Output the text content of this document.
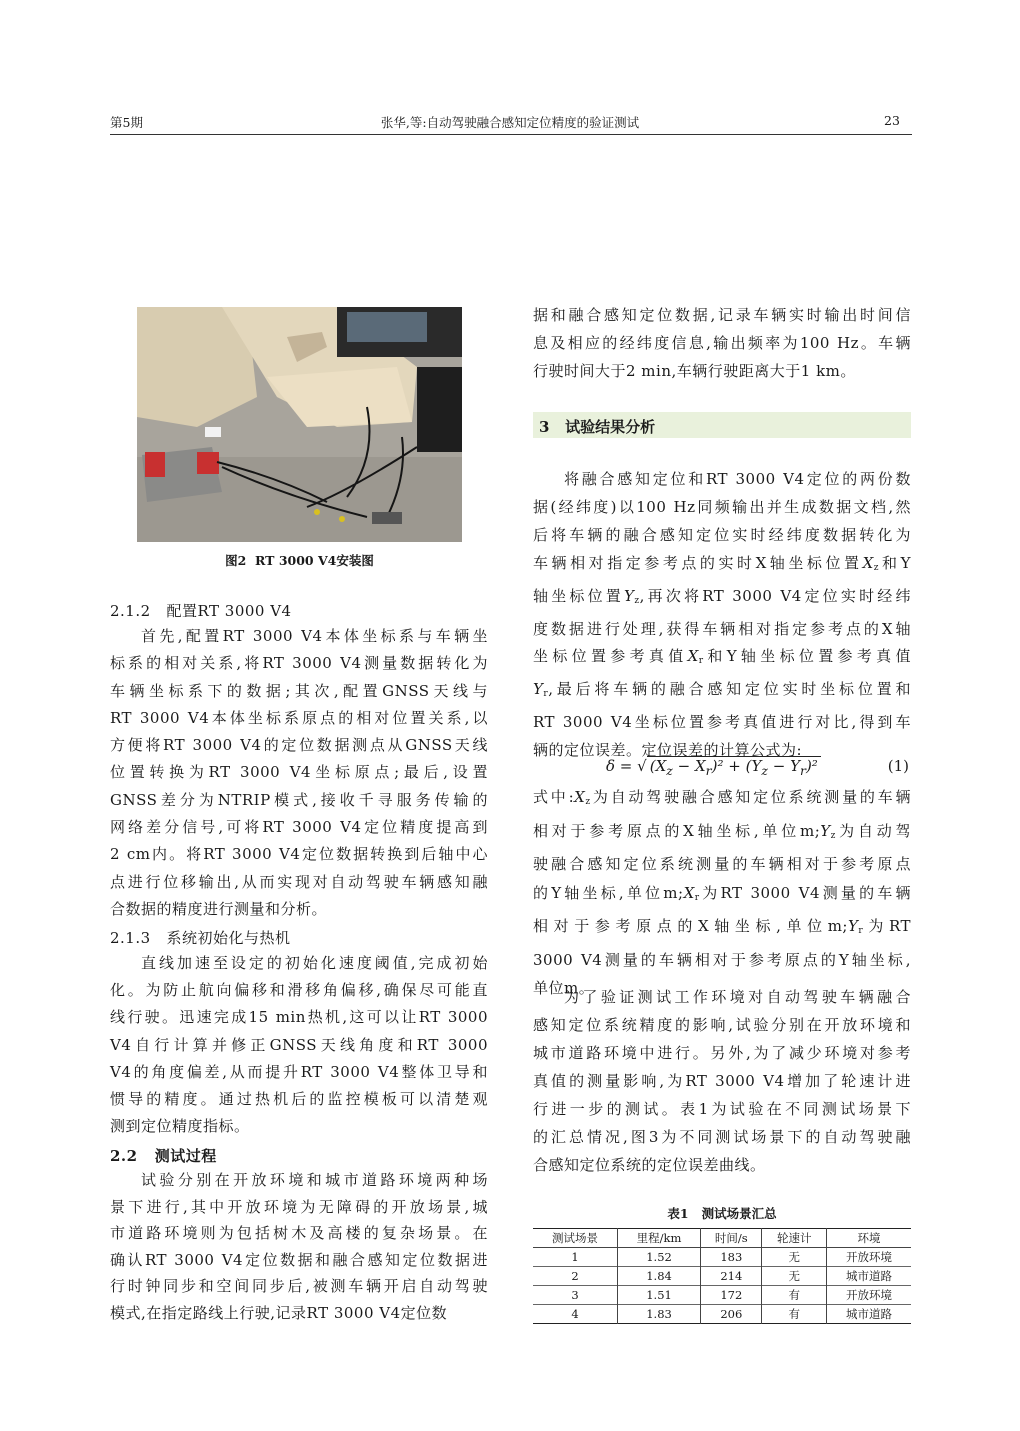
第5期	张华,等:自动驾驶融合感知定位精度的验证测试	23
图2  RT 3000 V4安装图
2.1.2   配置RT 3000 V4
首先,配置RT 3000 V4本体坐标系与车辆坐
标系的相对关系,将RT 3000 V4测量数据转化为
车辆坐标系下的数据;其次,配置GNSS天线与
RT 3000 V4本体坐标系原点的相对位置关系,以
方便将RT 3000 V4的定位数据测点从GNSS天线
位置转换为RT 3000 V4坐标原点;最后,设置
GNSS差分为NTRIP模式,接收千寻服务传输的
网络差分信号,可将RT 3000 V4定位精度提高到
2 cm内。将RT 3000 V4定位数据转换到后轴中心
点进行位移输出,从而实现对自动驾驶车辆感知融
合数据的精度进行测量和分析。
2.1.3   系统初始化与热机
直线加速至设定的初始化速度阈值,完成初始
化。为防止航向偏移和滑移角偏移,确保尽可能直
线行驶。迅速完成15 min热机,这可以让RT 3000
V4自行计算并修正GNSS天线角度和RT 3000
V4的角度偏差,从而提升RT 3000 V4整体卫导和
惯导的精度。通过热机后的监控模板可以清楚观
测到定位精度指标。
2.2   测试过程
试验分别在开放环境和城市道路环境两种场
景下进行,其中开放环境为无障碍的开放场景,城
市道路环境则为包括树木及高楼的复杂场景。在
确认RT 3000 V4定位数据和融合感知定位数据进
行时钟同步和空间同步后,被测车辆开启自动驾驶
模式,在指定路线上行驶,记录RT 3000 V4定位数
据和融合感知定位数据,记录车辆实时输出时间信
息及相应的经纬度信息,输出频率为100 Hz。车辆
行驶时间大于2 min,车辆行驶距离大于1 km。
3   试验结果分析
将融合感知定位和RT 3000 V4定位的两份数
据(经纬度)以100 Hz同频输出并生成数据文档,然
后将车辆的融合感知定位实时经纬度数据转化为
车辆相对指定参考点的实时X轴坐标位置$X_z$和Y
轴坐标位置$Y_z$,再次将RT 3000 V4定位实时经纬
度数据进行处理,获得车辆相对指定参考点的X轴
坐标位置参考真值$X_r$和Y轴坐标位置参考真值
$Y_r$,最后将车辆的融合感知定位实时坐标位置和
RT 3000 V4坐标位置参考真值进行对比,得到车
辆的定位误差。定位误差的计算公式为:
δ = √ $(X_z - X_r)^2 + (Y_z - Y_r)^2$	(1)
式中$:X_z$为自动驾驶融合感知定位系统测量的车辆
相对于参考原点的X轴坐标,单位$m;Y_z$为自动驾
驶融合感知定位系统测量的车辆相对于参考原点
的Y轴坐标,单位$m;X_r$为RT 3000 V4测量的车辆
相对于参考原点的X轴坐标,单位$m;Y_r$为RT
3000 V4测量的车辆相对于参考原点的Y轴坐标,
单位m。
为了验证测试工作环境对自动驾驶车辆融合
感知定位系统精度的影响,试验分别在开放环境和
城市道路环境中进行。另外,为了减少环境对参考
真值的测量影响,为RT 3000 V4增加了轮速计进
行进一步的测试。表1为试验在不同测试场景下
的汇总情况,图3为不同测试场景下的自动驾驶融
合感知定位系统的定位误差曲线。
表1   测试场景汇总
测试场景	里程/km	时间/s	轮速计	环境
1	1.52	183	无	开放环境
2	1.84	214	无	城市道路
3	1.51	172	有	开放环境
4	1.83	206	有	城市道路
